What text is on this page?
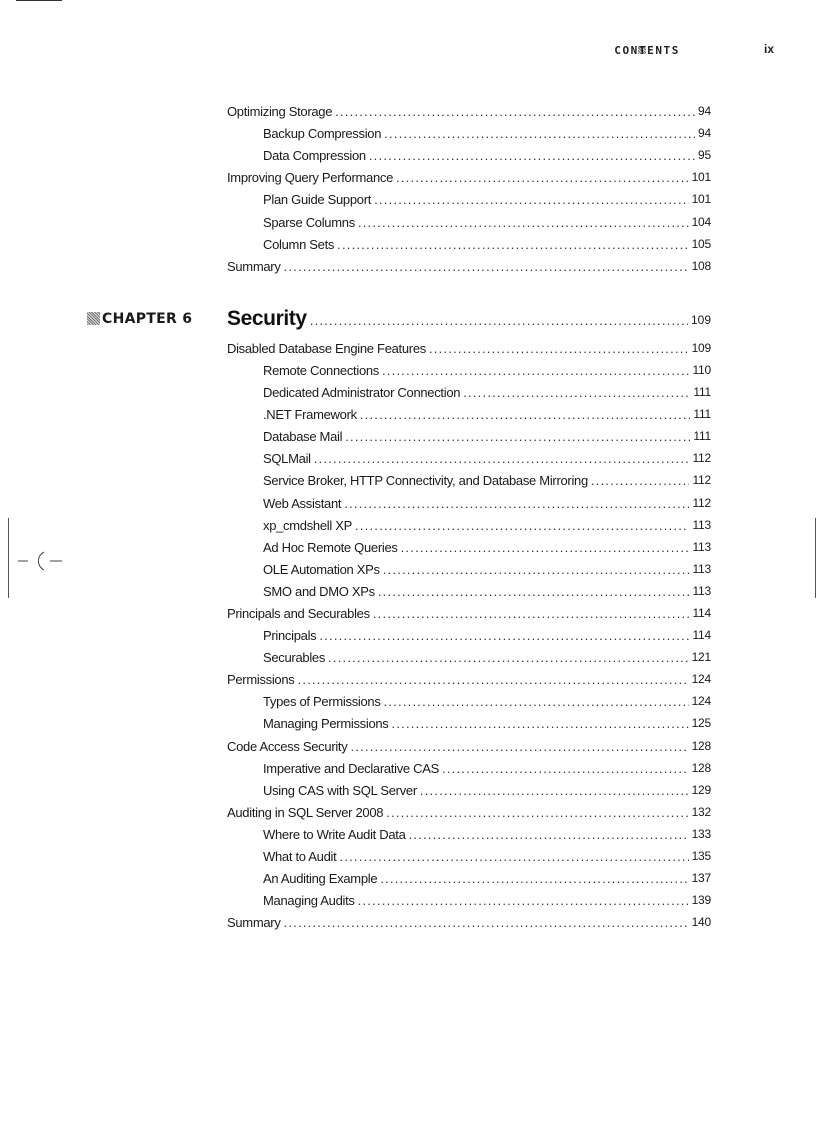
CONTENTS	ix
Optimizing Storage . . .	94
Backup Compression . . .	94
Data Compression . . .	95
Improving Query Performance . . .	101
Plan Guide Support . . .	101
Sparse Columns . . .	104
Column Sets . . .	105
Summary . . .	108
CHAPTER 6 Security . . .	109
Disabled Database Engine Features . . .	109
Remote Connections . . .	110
Dedicated Administrator Connection . . .	111
.NET Framework . . .	111
Database Mail . . .	111
SQLMail . . .	112
Service Broker, HTTP Connectivity, and Database Mirroring . . .	112
Web Assistant . . .	112
xp_cmdshell XP . . .	113
Ad Hoc Remote Queries . . .	113
OLE Automation XPs . . .	113
SMO and DMO XPs . . .	113
Principals and Securables . . .	114
Principals . . .	114
Securables . . .	121
Permissions . . .	124
Types of Permissions . . .	124
Managing Permissions . . .	125
Code Access Security . . .	128
Imperative and Declarative CAS . . .	128
Using CAS with SQL Server . . .	129
Auditing in SQL Server 2008 . . .	132
Where to Write Audit Data . . .	133
What to Audit . . .	135
An Auditing Example . . .	137
Managing Audits . . .	139
Summary . . .	140
